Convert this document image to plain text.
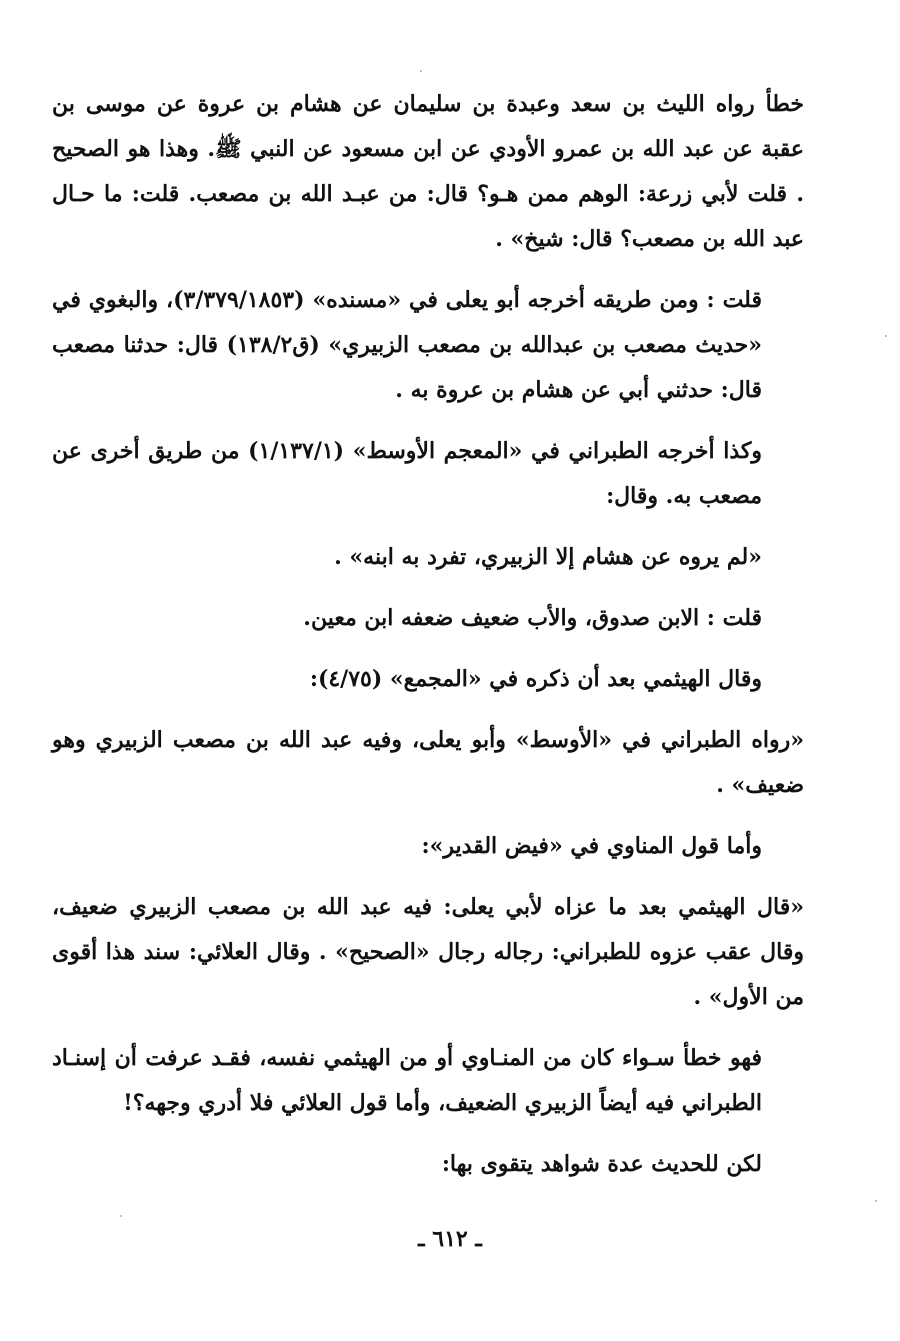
خطأ رواه الليث بن سعد وعبدة بن سليمان عن هشام بن عروة عن موسى بن عقبة عن عبد الله بن عمرو الأودي عن ابن مسعود عن النبي ﷺ. وهذا هو الصحيح . قلت لأبي زرعة: الوهم ممن هـو؟ قال: من عبـد الله بن مصعب. قلت: ما حـال عبد الله بن مصعب؟ قال: شيخ» .

قلت : ومن طريقه أخرجه أبو يعلى في «مسنده» (٣/٣٧٩/١٨٥٣)، والبغوي في «حديث مصعب بن عبدالله بن مصعب الزبيري» (ق١٣٨/٢) قال: حدثنا مصعب قال: حدثني أبي عن هشام بن عروة به .

وكذا أخرجه الطبراني في «المعجم الأوسط» (١/١٣٧/١) من طريق أخرى عن مصعب به. وقال:

«لم يروه عن هشام إلا الزبيري، تفرد به ابنه» .

قلت : الابن صدوق، والأب ضعيف ضعفه ابن معين.

وقال الهيثمي بعد أن ذكره في «المجمع» (٤/٧٥):

«رواه الطبراني في «الأوسط» وأبو يعلى، وفيه عبد الله بن مصعب الزبيري وهو ضعيف» .

وأما قول المناوي في «فيض القدير»:

«قال الهيثمي بعد ما عزاه لأبي يعلى: فيه عبد الله بن مصعب الزبيري ضعيف، وقال عقب عزوه للطبراني: رجاله رجال «الصحيح» . وقال العلائي: سند هذا أقوى من الأول» .

فهو خطأ سـواء كان من المنـاوي أو من الهيثمي نفسه، فقـد عرفت أن إسنـاد الطبراني فيه أيضاً الزبيري الضعيف، وأما قول العلائي فلا أدري وجهه؟!

لكن للحديث عدة شواهد يتقوى بها:

ـ ٦١٢ ـ
